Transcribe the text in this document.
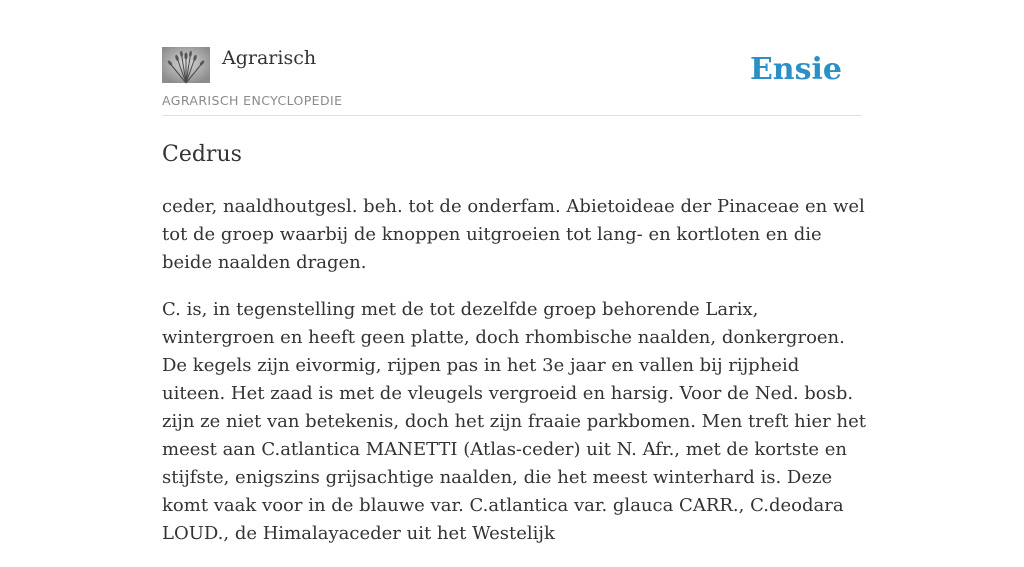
Agrarisch
AGRARISCH ENCYCLOPEDIE
Ensie
Cedrus

ceder, naaldhoutgesl. beh. tot de onderfam. Abietoideae der Pinaceae en wel tot de groep waarbij de knoppen uitgroeien tot lang- en kortloten en die beide naalden dragen.

C. is, in tegenstelling met de tot dezelfde groep behorende Larix, wintergroen en heeft geen platte, doch rhombische naalden, donkergroen. De kegels zijn eivormig, rijpen pas in het 3e jaar en vallen bij rijpheid uiteen. Het zaad is met de vleugels vergroeid en harsig. Voor de Ned. bosb. zijn ze niet van betekenis, doch het zijn fraaie parkbomen. Men treft hier het meest aan C.atlantica MANETTI (Atlas-ceder) uit N. Afr., met de kortste en stijfste, enigszins grijsachtige naalden, die het meest winterhard is. Deze komt vaak voor in de blauwe var. C.atlantica var. glauca CARR., C.deodara LOUD., de Himalayaceder uit het Westelijk
